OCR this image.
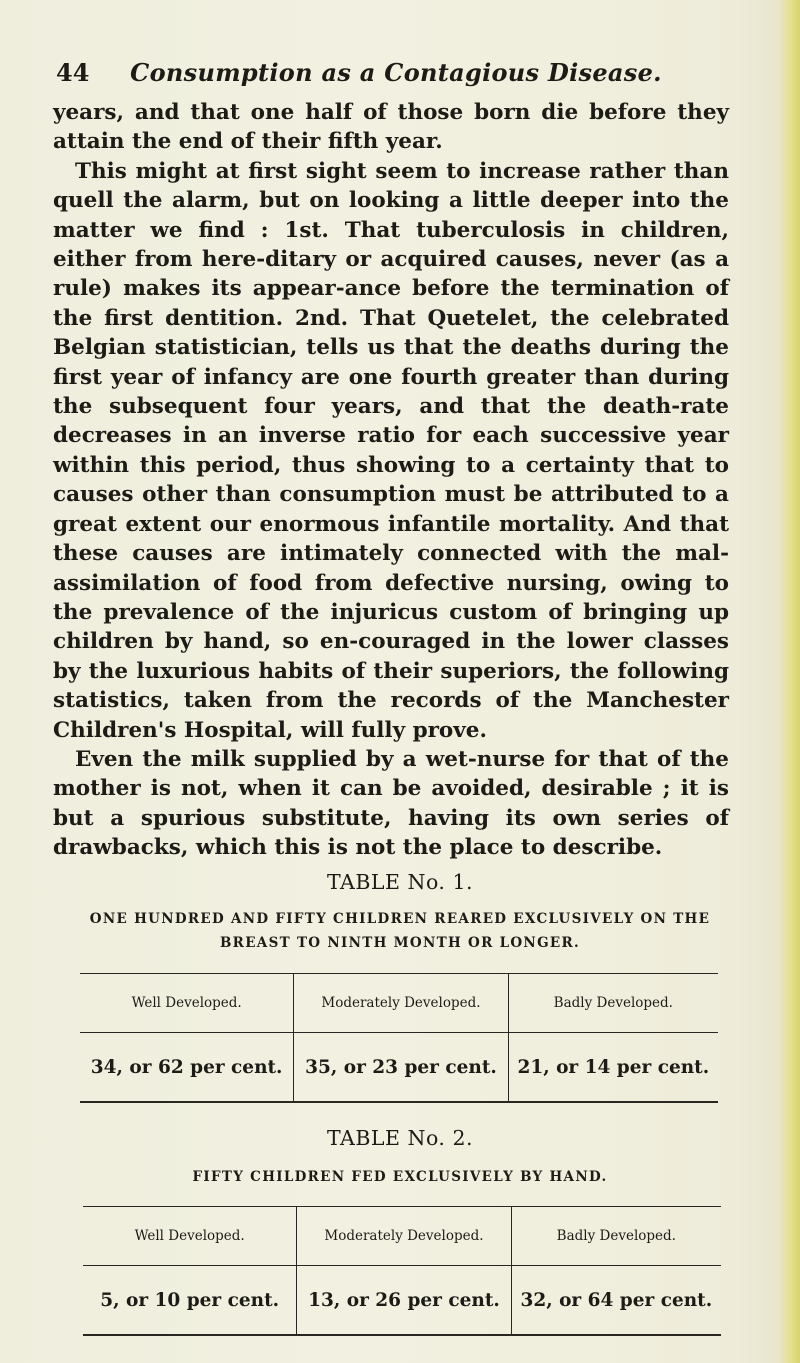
44	Consumption as a Contagious Disease.

years, and that one half of those born die before they attain the end of their fifth year.

This might at first sight seem to increase rather than quell the alarm, but on looking a little deeper into the matter we find : 1st. That tuberculosis in children, either from here-ditary or acquired causes, never (as a rule) makes its appear-ance before the termination of the first dentition. 2nd. That Quetelet, the celebrated Belgian statistician, tells us that the deaths during the first year of infancy are one fourth greater than during the subsequent four years, and that the death-rate decreases in an inverse ratio for each successive year within this period, thus showing to a certainty that to causes other than consumption must be attributed to a great extent our enormous infantile mortality. And that these causes are intimately connected with the mal-assimilation of food from defective nursing, owing to the prevalence of the injuricus custom of bringing up children by hand, so en-couraged in the lower classes by the luxurious habits of their superiors, the following statistics, taken from the records of the Manchester Children's Hospital, will fully prove.

Even the milk supplied by a wet-nurse for that of the mother is not, when it can be avoided, desirable ; it is but a spurious substitute, having its own series of drawbacks, which this is not the place to describe.

TABLE No. 1.
ONE HUNDRED AND FIFTY CHILDREN REARED EXCLUSIVELY ON THE
BREAST TO NINTH MONTH OR LONGER.
Well Developed.	Moderately Developed.	Badly Developed.
34, or 62 per cent.	35, or 23 per cent.	21, or 14 per cent.
TABLE No. 2.
FIFTY CHILDREN FED EXCLUSIVELY BY HAND.
Well Developed.	Moderately Developed.	Badly Developed.
5, or 10 per cent.	13, or 26 per cent.	32, or 64 per cent.
